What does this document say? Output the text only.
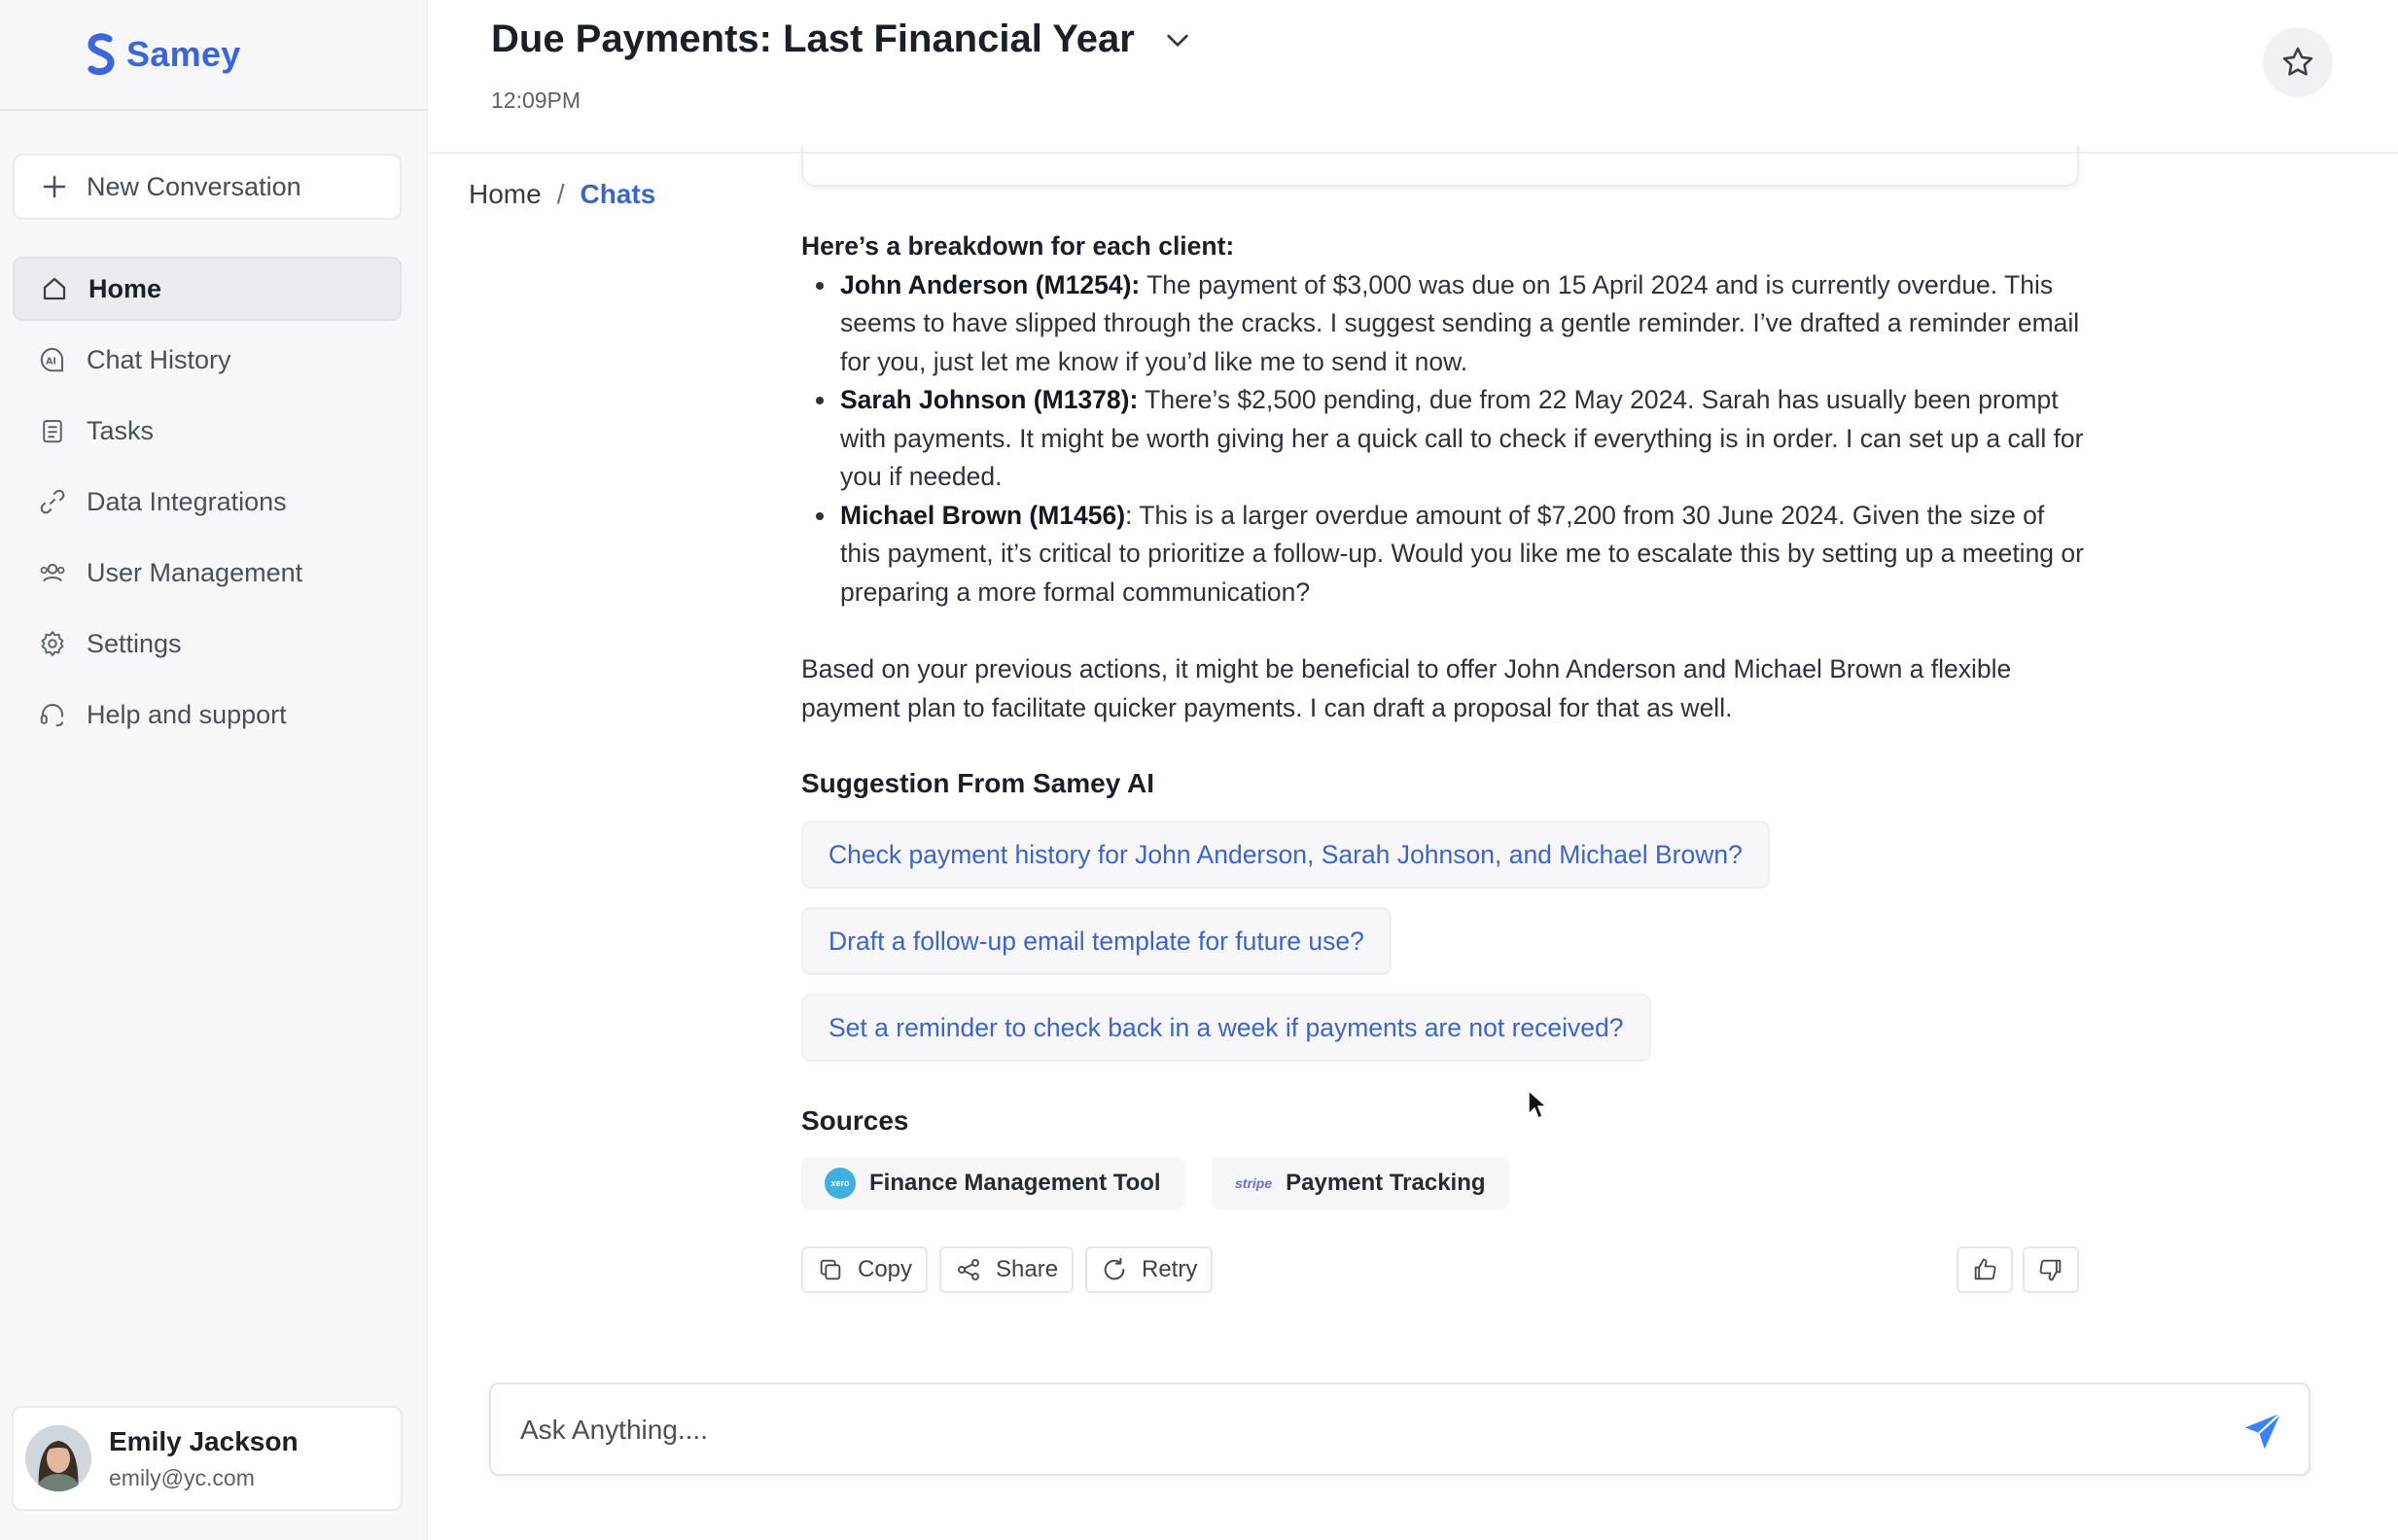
Samey
New Conversation
Home
AI Chat History
Tasks
Data Integrations
User Management
Settings
Help and support
Emily Jackson
emily@yc.com
Due Payments: Last Financial Year
12:09PM
Home / Chats
Here’s a breakdown for each client:
• John Anderson (M1254): The payment of $3,000 was due on 15 April 2024 and is currently overdue. This seems to have slipped through the cracks. I suggest sending a gentle reminder. I’ve drafted a reminder email for you, just let me know if you’d like me to send it now.
• Sarah Johnson (M1378): There’s $2,500 pending, due from 22 May 2024. Sarah has usually been prompt with payments. It might be worth giving her a quick call to check if everything is in order. I can set up a call for you if needed.
• Michael Brown (M1456): This is a larger overdue amount of $7,200 from 30 June 2024. Given the size of this payment, it’s critical to prioritize a follow-up. Would you like me to escalate this by setting up a meeting or preparing a more formal communication?

Based on your previous actions, it might be beneficial to offer John Anderson and Michael Brown a flexible payment plan to facilitate quicker payments. I can draft a proposal for that as well.

Suggestion From Samey AI
Check payment history for John Anderson, Sarah Johnson, and Michael Brown?
Draft a follow-up email template for future use?
Set a reminder to check back in a week if payments are not received?
Sources
xero Finance Management Tool	stripe Payment Tracking
Copy	Share	Retry
Ask Anything....
